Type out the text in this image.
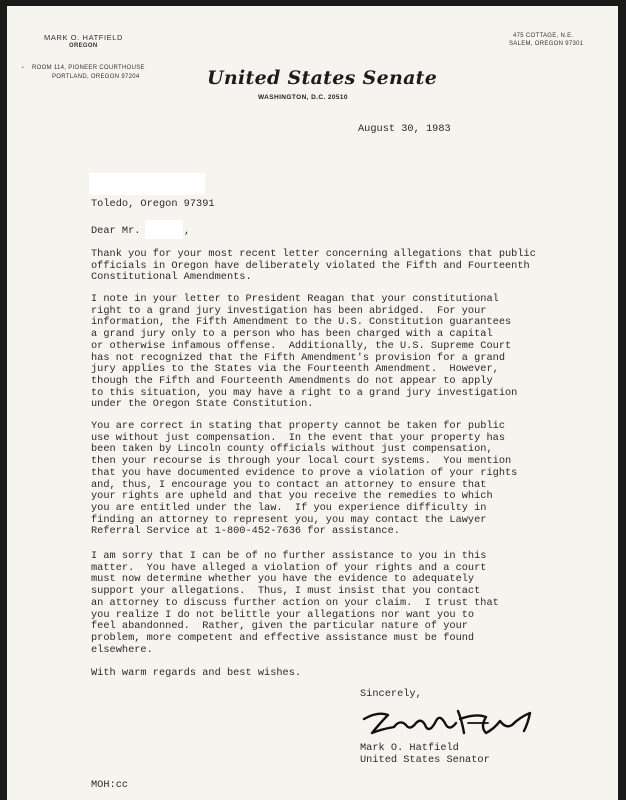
MARK O. HATFIELD
OREGON
• ROOM 114, PIONEER COURTHOUSE
PORTLAND, OREGON 97204
475 COTTAGE, N.E.
SALEM, OREGON 97301
United States Senate
WASHINGTON, D.C. 20510
August 30, 1983
Toledo, Oregon 97391
Dear Mr.	,
Thank you for your most recent letter concerning allegations that public
officials in Oregon have deliberately violated the Fifth and Fourteenth
Constitutional Amendments.
I note in your letter to President Reagan that your constitutional
right to a grand jury investigation has been abridged.  For your
information, the Fifth Amendment to the U.S. Constitution guarantees
a grand jury only to a person who has been charged with a capital
or otherwise infamous offense.  Additionally, the U.S. Supreme Court
has not recognized that the Fifth Amendment's provision for a grand
jury applies to the States via the Fourteenth Amendment.  However,
though the Fifth and Fourteenth Amendments do not appear to apply
to this situation, you may have a right to a grand jury investigation
under the Oregon State Constitution.
You are correct in stating that property cannot be taken for public
use without just compensation.  In the event that your property has
been taken by Lincoln county officials without just compensation,
then your recourse is through your local court systems.  You mention
that you have documented evidence to prove a violation of your rights
and, thus, I encourage you to contact an attorney to ensure that
your rights are upheld and that you receive the remedies to which
you are entitled under the law.  If you experience difficulty in
finding an attorney to represent you, you may contact the Lawyer
Referral Service at 1-800-452-7636 for assistance.
I am sorry that I can be of no further assistance to you in this
matter.  You have alleged a violation of your rights and a court
must now determine whether you have the evidence to adequately
support your allegations.  Thus, I must insist that you contact
an attorney to discuss further action on your claim.  I trust that
you realize I do not belittle your allegations nor want you to
feel abandonned.  Rather, given the particular nature of your
problem, more competent and effective assistance must be found
elsewhere.
With warm regards and best wishes.
Sincerely,
Mark O. Hatfield
United States Senator
MOH:cc
